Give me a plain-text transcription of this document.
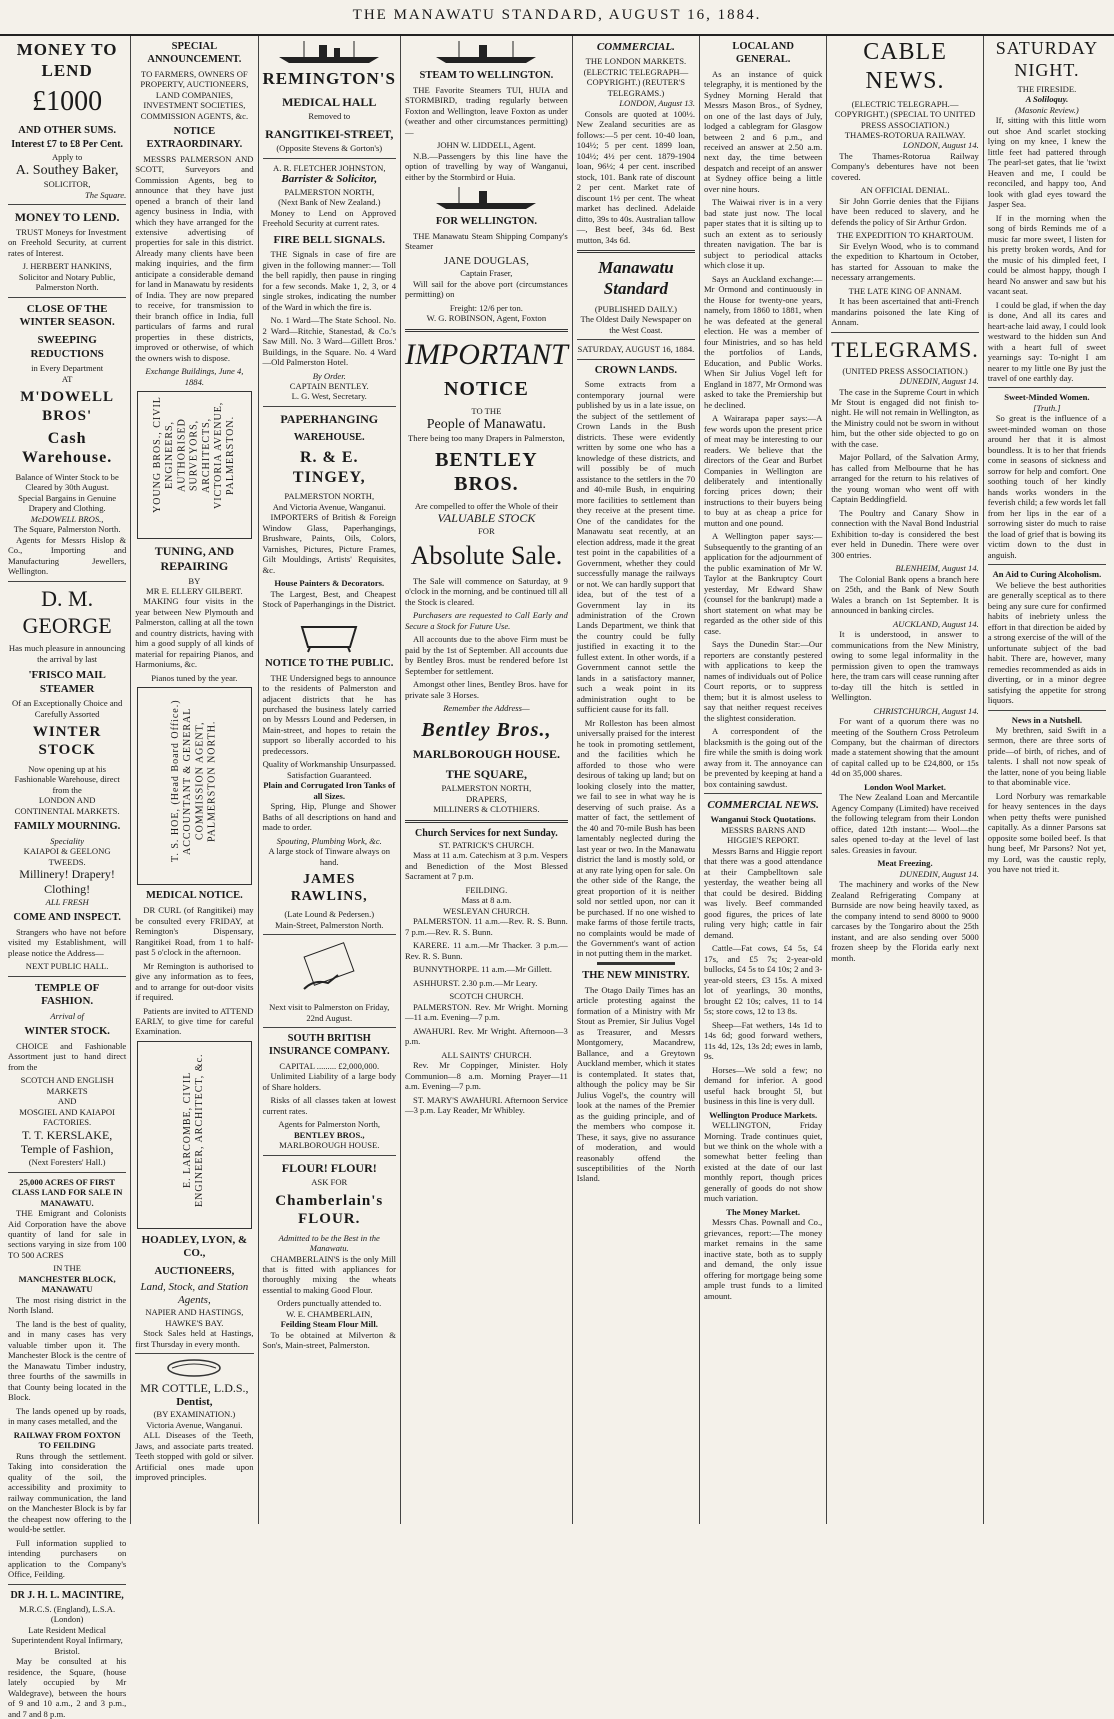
THE MANAWATU STANDARD, AUGUST 16, 1884.
MONEY TO LEND
£1000
AND OTHER SUMS.
Interest £7 to £8 Per Cent.
Apply to
A. Southey Baker,
SOLICITOR,
The Square.
MONEY TO LEND.

TRUST Moneys for Investment on Freehold Security, at current rates of Interest.

J. HERBERT HANKINS,
Solicitor and Notary Public, Palmerston North.
CLOSE OF THE WINTER SEASON.
SWEEPING REDUCTIONS
in Every Department
AT
M'DOWELL BROS'
Cash Warehouse.
Balance of Winter Stock to be Cleared by 30th August.
Special Bargains in Genuine Drapery and Clothing.
McDOWELL BROS.,
The Square, Palmerston North.

Agents for Messrs Hislop & Co., Importing and Manufacturing Jewellers, Wellington.

D. M. GEORGE
Has much pleasure in announcing the arrival by last
'FRISCO MAIL STEAMER
Of an Exceptionally Choice and Carefully Assorted
WINTER STOCK
Now opening up at his Fashionable Warehouse, direct from the
LONDON AND CONTINENTAL MARKETS.
FAMILY MOURNING.
Speciality
KAIAPOI & GEELONG TWEEDS.
Millinery! Drapery! Clothing!
ALL FRESH
COME AND INSPECT.

Strangers who have not before visited my Establishment, will please notice the Address—

NEXT PUBLIC HALL.
TEMPLE OF FASHION.
Arrival of
WINTER STOCK.

CHOICE and Fashionable Assortment just to hand direct from the

SCOTCH AND ENGLISH MARKETS
AND
MOSGIEL AND KAIAPOI FACTORIES.
T. T. KERSLAKE,
Temple of Fashion,
(Next Foresters' Hall.)
25,000 ACRES OF FIRST CLASS LAND FOR SALE IN MANAWATU.

THE Emigrant and Colonists Aid Corporation have the above quantity of land for sale in sections varying in size from 100 TO 500 ACRES

IN THE
MANCHESTER BLOCK, MANAWATU

The most rising district in the North Island.

The land is the best of quality, and in many cases has very valuable timber upon it. The Manchester Block is the centre of the Manawatu Timber industry, three fourths of the sawmills in that County being located in the Block.

The lands opened up by roads, in many cases metalled, and the

RAILWAY FROM FOXTON TO FEILDING

Runs through the settlement. Taking into consideration the quality of the soil, the accessibility and proximity to railway communication, the land on the Manchester Block is by far the cheapest now offering to the would-be settler.

Full information supplied to intending purchasers on application to the Company's Office, Feilding.

DR J. H. L. MACINTIRE,
M.R.C.S. (England), L.S.A. (London)
Late Resident Medical Superintendent Royal Infirmary, Bristol.

May be consulted at his residence, the Square, (house lately occupied by Mr Waldegrave), between the hours of 9 and 10 a.m., 2 and 3 p.m., and 7 and 8 p.m.

SPECIAL ANNOUNCEMENT.
TO FARMERS, OWNERS OF PROPERTY, AUCTIONEERS, LAND COMPANIES, INVESTMENT SOCIETIES, COMMISSION AGENTS, &c.
NOTICE EXTRAORDINARY.

MESSRS PALMERSON AND SCOTT, Surveyors and Commission Agents, beg to announce that they have just opened a branch of their land agency business in India, with which they have arranged for the extensive advertising of properties for sale in this district. Already many clients have been making inquiries, and the firm anticipate a considerable demand for land in Manawatu by residents of India. They are now prepared to receive, for transmission to their branch office in India, full particulars of farms and rural properties in these districts, improved or otherwise, of which the owners wish to dispose.

Exchange Buildings, June 4, 1884.
YOUNG BROS., CIVIL ENGINEERS, AUTHORISED SURVEYORS, ARCHITECTS, VICTORIA AVENUE, PALMERSTON.
TUNING, AND REPAIRING
BY
MR E. ELLERY GILBERT.

MAKING four visits in the year between New Plymouth and Palmerston, calling at all the town and country districts, having with him a good supply of all kinds of material for repairing Pianos, and Harmoniums, &c.

Pianos tuned by the year.
T. S. HOE, (Head Board Office.) ACCOUNTANT & GENERAL COMMISSION AGENT, PALMERSTON NORTH.
MEDICAL NOTICE.

DR CURL (of Rangitikei) may be consulted every FRIDAY, at Remington's Dispensary, Rangitikei Road, from 1 to half-past 5 o'clock in the afternoon.

Mr Remington is authorised to give any information as to fees, and to arrange for out-door visits if required.

Patients are invited to ATTEND EARLY, to give time for careful Examination.

E. LARCOMBE, CIVIL ENGINEER, ARCHITECT, &c.
HOADLEY, LYON, & CO.,
AUCTIONEERS,
Land, Stock, and Station Agents,
NAPIER AND HASTINGS,
HAWKE'S BAY.

Stock Sales held at Hastings, first Thursday in every month.

MR COTTLE, L.D.S.,
Dentist,
(BY EXAMINATION.)
Victoria Avenue, Wanganui.

ALL Diseases of the Teeth, Jaws, and associate parts treated. Teeth stopped with gold or silver. Artificial ones made upon improved principles.

REMINGTON'S
MEDICAL HALL
Removed to
RANGITIKEI-STREET,
(Opposite Stevens & Gorton's)
A. R. FLETCHER JOHNSTON,
Barrister & Solicitor,
PALMERSTON NORTH,
(Next Bank of New Zealand.)

Money to Lend on Approved Freehold Security at current rates.

FIRE BELL SIGNALS.

THE Signals in case of fire are given in the following manner:— Toll the bell rapidly, then pause in ringing for a few seconds. Make 1, 2, 3, or 4 single strokes, indicating the number of the Ward in which the fire is.

No. 1 Ward—The State School. No. 2 Ward—Ritchie, Stanestad, & Co.'s Saw Mill. No. 3 Ward—Gillett Bros.' Buildings, in the Square. No. 4 Ward—Old Palmerston Hotel.

By Order.
CAPTAIN BENTLEY.
L. G. West, Secretary.
PAPERHANGING
WAREHOUSE.
R. & E. TINGEY,
PALMERSTON NORTH,
And Victoria Avenue, Wanganui.

IMPORTERS of British & Foreign Window Glass, Paperhangings, Brushware, Paints, Oils, Colors, Varnishes, Pictures, Picture Frames, Gilt Mouldings, Artists' Requisites, &c.

House Painters & Decorators.

The Largest, Best, and Cheapest Stock of Paperhangings in the District.

NOTICE TO THE PUBLIC.

THE Undersigned begs to announce to the residents of Palmerston and adjacent districts that he has purchased the business lately carried on by Messrs Lound and Pedersen, in Main-street, and hopes to retain the support so liberally accorded to his predecessors.

Quality of Workmanship Unsurpassed.
Satisfaction Guaranteed.
Plain and Corrugated Iron Tanks of all Sizes.

Spring, Hip, Plunge and Shower Baths of all descriptions on hand and made to order.

Spouting, Plumbing Work, &c.
A large stock of Tinware always on hand.
JAMES RAWLINS,
(Late Lound & Pedersen.)
Main-Street, Palmerston North.
Next visit to Palmerston on Friday, 22nd August.
SOUTH BRITISH INSURANCE COMPANY.
CAPITAL ......... £2,000,000.

Unlimited Liability of a large body of Share holders.

Risks of all classes taken at lowest current rates.

Agents for Palmerston North,
BENTLEY BROS.,
MARLBOROUGH HOUSE.
FLOUR! FLOUR!
ASK FOR
Chamberlain's FLOUR.
Admitted to be the Best in the Manawatu.

CHAMBERLAIN'S is the only Mill that is fitted with appliances for thoroughly mixing the wheats essential to making Good Flour.

Orders punctually attended to.
W. E. CHAMBERLAIN,
Feilding Steam Flour Mill.

To be obtained at Milverton & Son's, Main-street, Palmerston.

STEAM TO WELLINGTON.

THE Favorite Steamers TUI, HUIA and STORMBIRD, trading regularly between Foxton and Wellington, leave Foxton as under (weather and other circumstances permitting)—

JOHN W. LIDDELL, Agent.

N.B.—Passengers by this line have the option of travelling by way of Wanganui, either by the Stormbird or Huia.

FOR WELLINGTON.

THE Manawatu Steam Shipping Company's Steamer

JANE DOUGLAS,
Captain Fraser,

Will sail for the above port (circumstances permitting) on

Freight: 12/6 per ton.
W. G. ROBINSON, Agent, Foxton
IMPORTANT
NOTICE
TO THE
People of Manawatu.
There being too many Drapers in Palmerston,
BENTLEY BROS.
Are compelled to offer the Whole of their
VALUABLE STOCK
FOR
Absolute Sale.

The Sale will commence on Saturday, at 9 o'clock in the morning, and be continued till all the Stock is cleared.

Purchasers are requested to Call Early and Secure a Stock for Future Use.

All accounts due to the above Firm must be paid by the 1st of September. All accounts due by Bentley Bros. must be rendered before 1st September for settlement.

Amongst other lines, Bentley Bros. have for private sale 3 Horses.

Remember the Address—
Bentley Bros.,
MARLBOROUGH HOUSE.
THE SQUARE,
PALMERSTON NORTH,
DRAPERS,
MILLINERS & CLOTHIERS.
Church Services for next Sunday.
ST. PATRICK'S CHURCH.

Mass at 11 a.m. Catechism at 3 p.m. Vespers and Benediction of the Most Blessed Sacrament at 7 p.m.

FEILDING.
Mass at 8 a.m.
WESLEYAN CHURCH.

PALMERSTON. 11 a.m.—Rev. R. S. Bunn. 7 p.m.—Rev. R. S. Bunn.

KARERE. 11 a.m.—Mr Thacker. 3 p.m.—Rev. R. S. Bunn.

BUNNYTHORPE. 11 a.m.—Mr Gillett.

ASHHURST. 2.30 p.m.—Mr Leary.

SCOTCH CHURCH.

PALMERSTON. Rev. Mr Wright. Morning—11 a.m. Evening—7 p.m.

AWAHURI. Rev. Mr Wright. Afternoon—3 p.m.

ALL SAINTS' CHURCH.

Rev. Mr Coppinger, Minister. Holy Communion—8 a.m. Morning Prayer—11 a.m. Evening—7 p.m.

ST. MARY'S AWAHURI. Afternoon Service—3 p.m. Lay Reader, Mr Whibley.

COMMERCIAL.
THE LONDON MARKETS.
(ELECTRIC TELEGRAPH—COPYRIGHT.) (REUTER'S TELEGRAMS.)
LONDON, August 13.

Consols are quoted at 100½. New Zealand securities are as follows:—5 per cent. 10-40 loan, 104½; 5 per cent. 1899 loan, 104½; 4½ per cent. 1879-1904 loan, 96½; 4 per cent. inscribed stock, 101. Bank rate of discount 2 per cent. Market rate of discount 1½ per cent. The wheat market has declined. Adelaide ditto, 39s to 40s. Australian tallow—, Best beef, 34s 6d. Best mutton, 34s 6d.

Manawatu Standard
(PUBLISHED DAILY.)
The Oldest Daily Newspaper on the West Coast.
SATURDAY, AUGUST 16, 1884.
CROWN LANDS.

Some extracts from a contemporary journal were published by us in a late issue, on the subject of the settlement of Crown Lands in the Bush districts. These were evidently written by some one who has a knowledge of these districts, and will possibly be of much assistance to the settlers in the 70 and 40-mile Bush, in enquiring more facilities to settlement than they receive at the present time. One of the candidates for the Manawatu seat recently, at an election address, made it the great test point in the capabilities of a Government, whether they could successfully manage the railways or not. We can hardly support that idea, but of the test of a Government lay in its administration of the Crown Lands Department, we think that the country could be fully justified in exacting it to the fullest extent. In other words, if a Government cannot settle the lands in a satisfactory manner, such a weak point in its administration ought to be sufficient cause for its fall.

Mr Rolleston has been almost universally praised for the interest he took in promoting settlement, and the facilities which he afforded to those who were desirous of taking up land; but on looking closely into the matter, we fail to see in what way he is deserving of such praise. As a matter of fact, the settlement of the 40 and 70-mile Bush has been lamentably neglected during the last year or two. In the Manawatu district the land is mostly sold, or at any rate lying open for sale. On the other side of the Range, the great proportion of it is neither sold nor settled upon, nor can it be purchased. If no one wished to make farms of those fertile tracts, no complaints would be made of the Government's want of action in not putting them in the market.

THE NEW MINISTRY.

The Otago Daily Times has an article protesting against the formation of a Ministry with Mr Stout as Premier, Sir Julius Vogel as Treasurer, and Messrs Montgomery, Macandrew, Ballance, and a Greytown Auckland member, which it states is contemplated. It states that, although the policy may be Sir Julius Vogel's, the country will look at the names of the Premier as the guiding principle, and of the members who compose it. These, it says, give no assurance of moderation, and would reasonably offend the susceptibilities of the North Island.

LOCAL AND GENERAL.

As an instance of quick telegraphy, it is mentioned by the Sydney Morning Herald that Messrs Mason Bros., of Sydney, on one of the last days of July, lodged a cablegram for Glasgow between 2 and 6 p.m., and received an answer at 2.50 a.m. next day, the time between despatch and receipt of an answer at Sydney office being a little over nine hours.

The Waiwai river is in a very bad state just now. The local paper states that it is silting up to such an extent as to seriously threaten navigation. The bar is subject to periodical attacks which close it up.

Says an Auckland exchange:—Mr Ormond and continuously in the House for twenty-one years, namely, from 1860 to 1881, when he was defeated at the general election. He was a member of four Ministries, and so has held the portfolios of Lands, Education, and Public Works. When Sir Julius Vogel left for England in 1877, Mr Ormond was asked to take the Premiership but he declined.

A Wairarapa paper says:—A few words upon the present price of meat may be interesting to our readers. We believe that the directors of the Gear and Burbet Companies in Wellington are deliberately and intentionally forcing prices down; their instructions to their buyers being to buy at as cheap a price for mutton and one pound.

A Wellington paper says:—Subsequently to the granting of an application for the adjournment of the public examination of Mr W. Taylor at the Bankruptcy Court yesterday, Mr Edward Shaw (counsel for the bankrupt) made a short statement on what may be regarded as the other side of this case.

Says the Dunedin Star:—Our reporters are constantly pestered with applications to keep the names of individuals out of Police Court reports, or to suppress them; but it is almost useless to say that neither request receives the slightest consideration.

A correspondent of the blacksmith is the going out of the fire while the smith is doing work away from it. The annoyance can be prevented by keeping at hand a box containing sawdust.

COMMERCIAL NEWS.
Wanganui Stock Quotations.
MESSRS BARNS AND HIGGIE'S REPORT.

Messrs Barns and Higgie report that there was a good attendance at their Campbelltown sale yesterday, the weather being all that could be desired. Bidding was lively. Beef commanded good figures, the prices of late ruling very high; cattle in fair demand.

Cattle—Fat cows, £4 5s, £4 17s, and £5 7s; 2-year-old bullocks, £4 5s to £4 10s; 2 and 3-year-old steers, £3 15s. A mixed lot of yearlings, 30 months, brought £2 10s; calves, 11 to 14 5s; store cows, 12 to 13 8s.

Sheep—Fat wethers, 14s 1d to 14s 6d; good forward wethers, 11s 4d, 12s, 13s 2d; ewes in lamb, 9s.

Horses—We sold a few; no demand for inferior. A good useful hack brought 5l, but business in this line is very dull.

Wellington Produce Markets.

WELLINGTON, Friday Morning. Trade continues quiet, but we think on the whole with a somewhat better feeling than existed at the date of our last monthly report, though prices generally of goods do not show much variation.

The Money Market.

Messrs Chas. Pownall and Co., grievances, report:—The money market remains in the same inactive state, both as to supply and demand, the only issue offering for mortgage being some ample trust funds to a limited amount.

CABLE NEWS.
(ELECTRIC TELEGRAPH.—COPYRIGHT.) (SPECIAL TO UNITED PRESS ASSOCIATION.)
THAMES-ROTORUA RAILWAY.
LONDON, August 14.

The Thames-Rotorua Railway Company's debentures have not been covered.

AN OFFICIAL DENIAL.

Sir John Gorrie denies that the Fijians have been reduced to slavery, and he defends the policy of Sir Arthur Grdon.

THE EXPEDITION TO KHARTOUM.

Sir Evelyn Wood, who is to command the expedition to Khartoum in October, has started for Assouan to make the necessary arrangements.

THE LATE KING OF ANNAM.

It has been ascertained that anti-French mandarins poisoned the late King of Annam.

TELEGRAMS.
(UNITED PRESS ASSOCIATION.)
DUNEDIN, August 14.

The case in the Supreme Court in which Mr Stout is engaged did not finish to-night. He will not remain in Wellington, as the Ministry could not be sworn in without him, but the other side objected to go on with the case.

Major Pollard, of the Salvation Army, has called from Melbourne that he has arranged for the return to his relatives of the young woman who went off with Captain Beddingfield.

The Poultry and Canary Show in connection with the Naval Bond Industrial Exhibition to-day is considered the best ever held in Dunedin. There were over 300 entries.

BLENHEIM, August 14.

The Colonial Bank opens a branch here on 25th, and the Bank of New South Wales a branch on 1st September. It is announced in banking circles.

AUCKLAND, August 14.

It is understood, in answer to communications from the New Ministry, owing to some legal informality in the permission given to open the tramways here, the tram cars will cease running after to-day till the hitch is settled in Wellington.

CHRISTCHURCH, August 14.

For want of a quorum there was no meeting of the Southern Cross Petroleum Company, but the chairman of directors made a statement showing that the amount of capital called up to be £24,800, or 15s 4d on 35,000 shares.

London Wool Market.

The New Zealand Loan and Mercantile Agency Company (Limited) have received the following telegram from their London office, dated 12th instant:— Wool—the sales opened to-day at the level of last sales. Greasies in favour.

Meat Freezing.
DUNEDIN, August 14.

The machinery and works of the New Zealand Refrigerating Company at Burnside are now being heavily taxed, as the company intend to send 8000 to 9000 carcases by the Tongariro about the 25th instant, and are also sending over 5000 frozen sheep by the Florida early next month.

SATURDAY NIGHT.
THE FIRESIDE.
A Soliloquy.
(Masonic Review.)

If, sitting with this little worn out shoe And scarlet stocking lying on my knee, I knew the little feet had pattered through The pearl-set gates, that lie 'twixt Heaven and me, I could be reconciled, and happy too, And look with glad eyes toward the Jasper Sea.

If in the morning when the song of birds Reminds me of a music far more sweet, I listen for his pretty broken words, And for the music of his dimpled feet, I could be almost happy, though I heard No answer and saw but his vacant seat.

I could be glad, if when the day is done, And all its cares and heart-ache laid away, I could look westward to the hidden sun And with a heart full of sweet yearnings say: To-night I am nearer to my little one By just the travel of one earthly day.

Sweet-Minded Women.
[Truth.]

So great is the influence of a sweet-minded woman on those around her that it is almost boundless. It is to her that friends come in seasons of sickness and sorrow for help and comfort. One soothing touch of her kindly hands works wonders in the feverish child; a few words let fall from her lips in the ear of a sorrowing sister do much to raise the load of grief that is bowing its victim down to the dust in anguish.

An Aid to Curing Alcoholism.

We believe the best authorities are generally sceptical as to there being any sure cure for confirmed habits of inebriety unless the effort in that direction be aided by a strong exercise of the will of the unfortunate subject of the bad habit. There are, however, many remedies recommended as aids in diverting, or in a minor degree satisfying the appetite for strong liquors.

News in a Nutshell.

My brethren, said Swift in a sermon, there are three sorts of pride—of birth, of riches, and of talents. I shall not now speak of the latter, none of you being liable to that abominable vice.

Lord Norbury was remarkable for heavy sentences in the days when petty thefts were punished capitally. As a dinner Parsons sat opposite some boiled beef. Is that hung beef, Mr Parsons? Not yet, my Lord, was the caustic reply, you have not tried it.
